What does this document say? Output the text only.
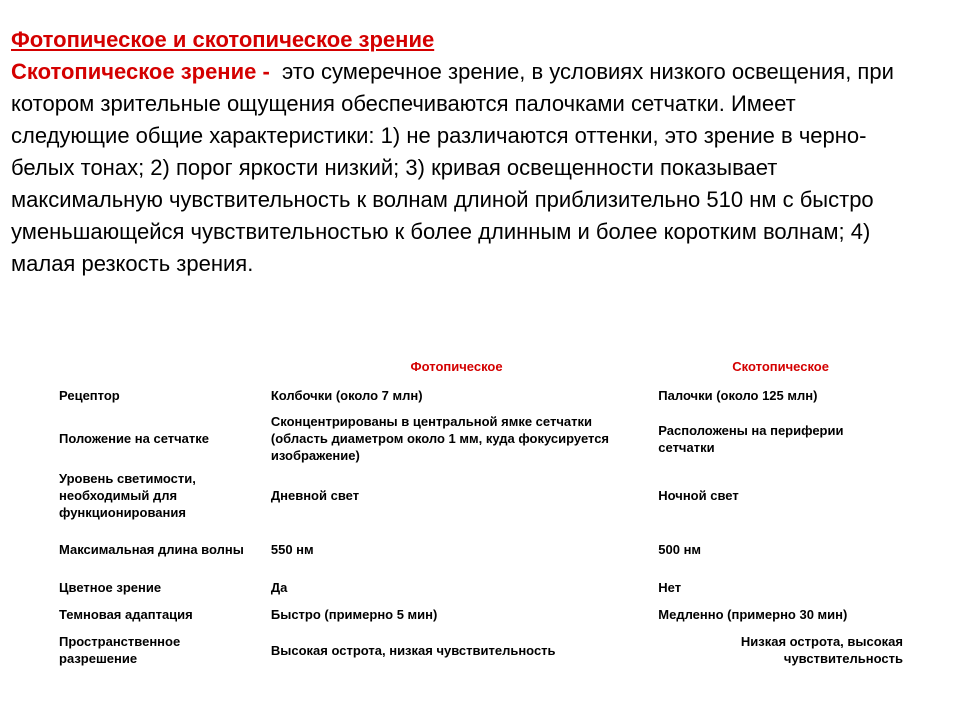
Фотопическое и скотопическое зрение

Скотопическое зрение - это сумеречное зрение, в условиях низкого освещения, при котором зрительные ощущения обеспечиваются палочками сетчатки. Имеет следующие общие характеристики: 1) не различаются оттенки, это зрение в черно-белых тонах; 2) порог яркости низкий; 3) кривая освещенности показывает максимальную чувствительность к волнам длиной приблизительно 510 нм с быстро уменьшающейся чувствительностью к более длинным и более коротким волнам; 4) малая резкость зрения.

	Фотопическое	Скотопическое
Рецептор	Колбочки (около 7 млн)	Палочки (около 125 млн)
Положение на сетчатке	Сконцентрированы в центральной ямке сетчатки (область диаметром около 1 мм, куда фокусируется изображение)	Расположены на периферии сетчатки
Уровень светимости, необходимый для функционирования	Дневной свет	Ночной свет
Максимальная длина волны	550 нм	500 нм
Цветное зрение	Да	Нет
Темновая адаптация	Быстро (примерно 5 мин)	Медленно (примерно 30 мин)
Пространственное разрешение	Высокая острота, низкая чувствительность	Низкая острота, высокая чувствительность
